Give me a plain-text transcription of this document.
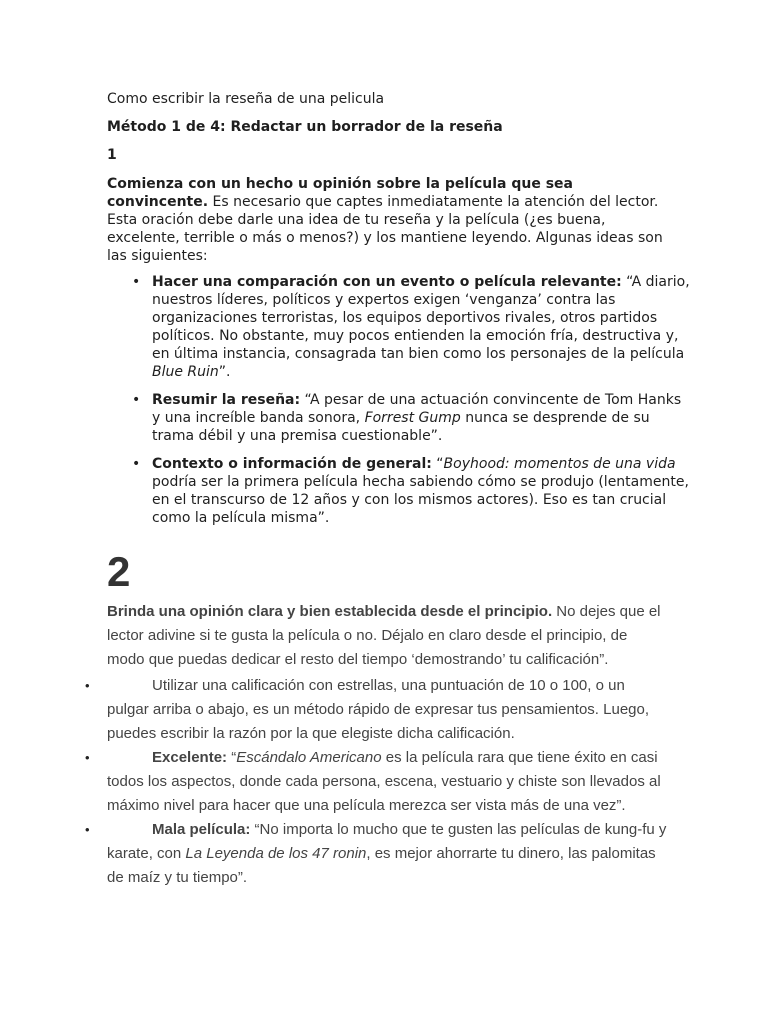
Como escribir la reseña de una pelicula

Método 1 de 4: Redactar un borrador de la reseña

1

Comienza con un hecho u opinión sobre la película que sea convincente. Es necesario que captes inmediatamente la atención del lector. Esta oración debe darle una idea de tu reseña y la película (¿es buena, excelente, terrible o más o menos?) y los mantiene leyendo. Algunas ideas son las siguientes:

• Hacer una comparación con un evento o película relevante: “A diario, nuestros líderes, políticos y expertos exigen ‘venganza’ contra las organizaciones terroristas, los equipos deportivos rivales, otros partidos políticos. No obstante, muy pocos entienden la emoción fría, destructiva y, en última instancia, consagrada tan bien como los personajes de la película Blue Ruin”.
• Resumir la reseña: “A pesar de una actuación convincente de Tom Hanks y una increíble banda sonora, Forrest Gump nunca se desprende de su trama débil y una premisa cuestionable”.
• Contexto o información de general: “Boyhood: momentos de una vida podría ser la primera película hecha sabiendo cómo se produjo (lentamente, en el transcurso de 12 años y con los mismos actores). Eso es tan crucial como la película misma”.

2

Brinda una opinión clara y bien establecida desde el principio. No dejes que el lector adivine si te gusta la película o no. Déjalo en claro desde el principio, de modo que puedas dedicar el resto del tiempo ‘demostrando’ tu calificación”.

•	Utilizar una calificación con estrellas, una puntuación de 10 o 100, o un pulgar arriba o abajo, es un método rápido de expresar tus pensamientos. Luego, puedes escribir la razón por la que elegiste dicha calificación.
•	Excelente: “Escándalo Americano es la película rara que tiene éxito en casi todos los aspectos, donde cada persona, escena, vestuario y chiste son llevados al máximo nivel para hacer que una película merezca ser vista más de una vez”.
•	Mala película: “No importa lo mucho que te gusten las películas de kung-fu y karate, con La Leyenda de los 47 ronin, es mejor ahorrarte tu dinero, las palomitas de maíz y tu tiempo”.
